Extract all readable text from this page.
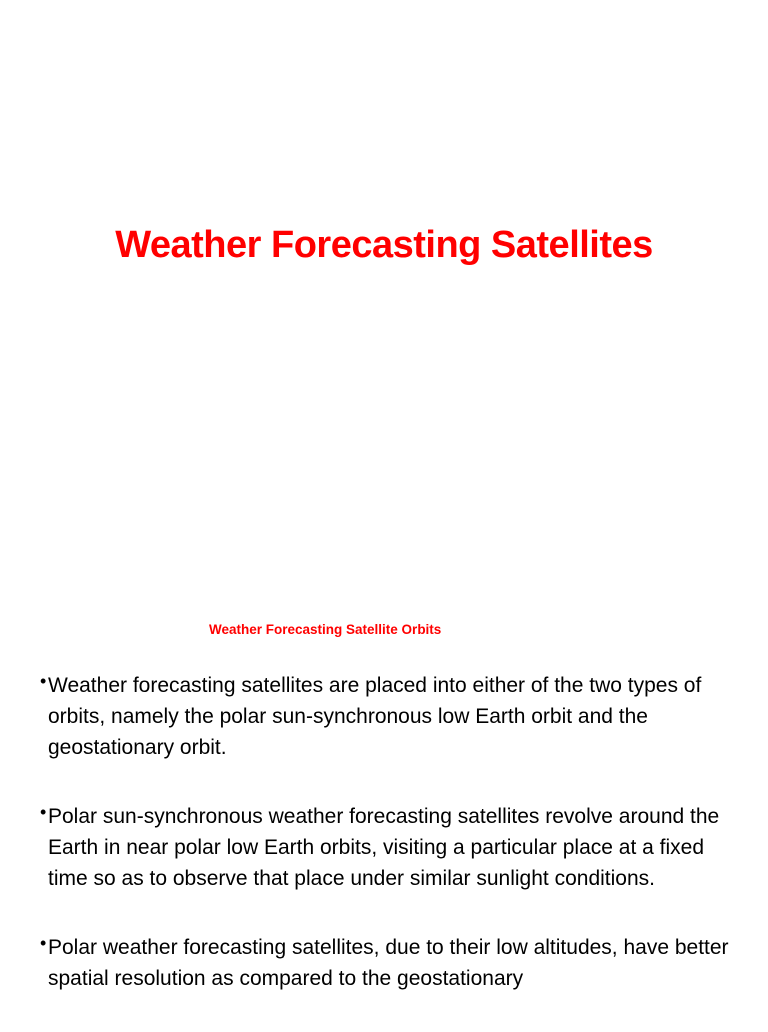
Weather Forecasting Satellites
Weather Forecasting Satellite Orbits
• Weather forecasting satellites are placed into either of the two types of orbits, namely the polar sun-synchronous low Earth orbit and the geostationary orbit.
• Polar sun-synchronous weather forecasting satellites revolve around the Earth in near polar low Earth orbits, visiting a particular place at a fixed time so as to observe that place under similar sunlight conditions.
• Polar weather forecasting satellites, due to their low altitudes, have better spatial resolution as compared to the geostationary
